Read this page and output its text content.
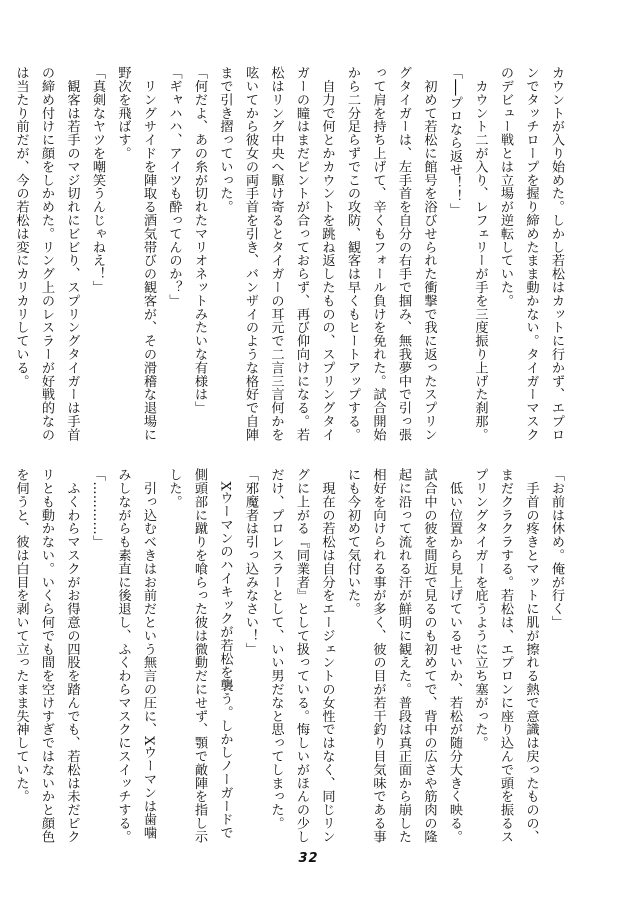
カウントが入り始めた。しかし若松はカットに行かず、エプロ
ンでタッチロープを握り締めたまま動かない。タイガーマスク
のデビュー戦とは立場が逆転していた。
　カウント二が入り、レフェリーが手を三度振り上げた刹那。
「──プロなら返せ！！」
　初めて若松に館号を浴びせられた衝撃で我に返ったスプリン
グタイガーは、左手首を自分の右手で掴み、無我夢中で引っ張
って肩を持ち上げて、辛くもフォール負けを免れた。試合開始
から二分足らずでこの攻防、観客は早くもヒートアップする。
　自力で何とかカウントを跳ね返したものの、スプリングタイ
ガーの瞳はまだピントが合っておらず、再び仰向けになる。若
松はリング中央へ駆け寄るとタイガーの耳元で二言三言何かを
呟いてから彼女の両手首を引き、バンザイのような格好で自陣
まで引き摺っていった。
「何だよ、あの糸が切れたマリオネットみたいな有様は」
「ギャハハ、アイツも酔ってんのか？」
　リングサイドを陣取る酒気帯びの観客が、その滑稽な退場に
野次を飛ばす。
「真剣なヤツを嘲笑うんじゃねえ！」
　観客は若手のマジ切れにビビり、スプリングタイガーは手首
の締め付けに顔をしかめた。リング上のレスラーが好戦的なの
は当たり前だが、今の若松は変にカリカリしている。
「お前は休め。俺が行く」
　手首の疼きとマットに肌が擦れる熱で意識は戻ったものの、
まだクラクラする。若松は、エプロンに座り込んで頭を振るス
プリングタイガーを庇うように立ち塞がった。
　低い位置から見上げているせいか、若松が随分大きく映る。
試合中の彼を間近で見るのも初めてで、背中の広さや筋肉の隆
起に沿って流れる汗が鮮明に観えた。普段は真正面から崩した
相好を向けられる事が多く、彼の目が若干釣り目気味である事
にも今初めて気付いた。
　現在の若松は自分をエージェントの女性ではなく、同じリン
グに上がる『同業者』として扱っている。悔しいがほんの少し
だけ、プロレスラーとして、いい男だなと思ってしまった。
「邪魔者は引っ込みなさい！」
　Xウーマンのハイキックが若松を襲う。しかしノーガードで
側頭部に蹴りを喰らった彼は微動だにせず、顎で敵陣を指し示
した。
　引っ込むべきはお前だという無言の圧に、Xウーマンは歯噛
みしながらも素直に後退し、ふくわらマスクにスイッチする。
「…………」
　ふくわらマスクがお得意の四股を踏んでも、若松は未だピク
リとも動かない。いくら何でも間を空けすぎではないかと顔色
を伺うと、彼は白目を剥いて立ったまま失神していた。
32
